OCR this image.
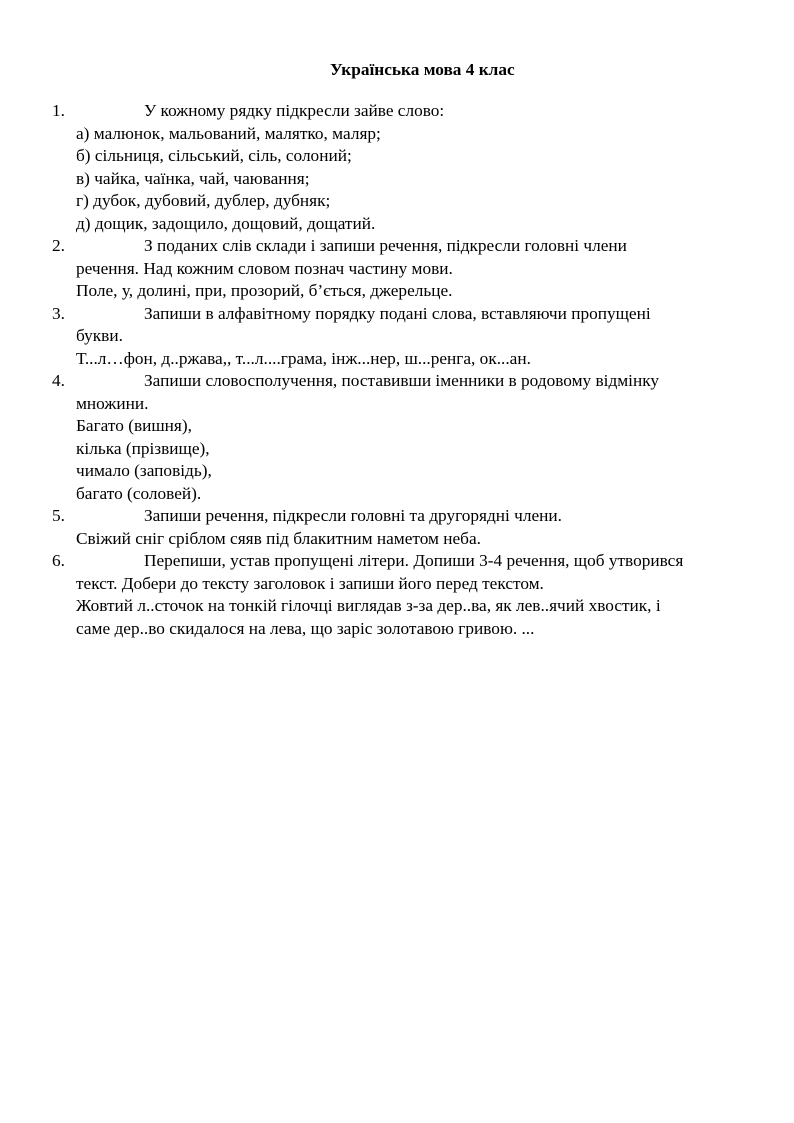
Українська мова 4 клас
1.	У кожному рядку підкресли зайве слово:
а) малюнок, мальований, малятко, маляр;
б) сільниця, сільський, сіль, солоний;
в) чайка, чаїнка, чай, чаювання;
г) дубок, дубовий, дублер, дубняк;
д) дощик, задощило, дощовий, дощатий.
2.	З поданих слів склади і запиши речення, підкресли головні члени
речення. Над кожним словом познач частину мови.
Поле, у, долині, при, прозорий, б’ється, джерельце.
3.	Запиши в алфавітному порядку подані слова, вставляючи пропущені
букви.
Т...л…фон, д..ржава,, т...л....грама, інж...нер, ш...ренга, ок...ан.
4.	Запиши словосполучення, поставивши іменники в родовому відмінку
множини.
Багато (вишня),
кілька (прізвище),
чимало (заповідь),
багато (соловей).
5.	Запиши речення, підкресли головні та другорядні члени.
Свіжий сніг сріблом сяяв під блакитним наметом неба.
6.	Перепиши, устав пропущені літери. Допиши 3-4 речення, щоб утворився
текст. Добери до тексту заголовок і запиши його перед текстом.
Жовтий л..сточок на тонкій гілочці виглядав з-за дер..ва, як лев..ячий хвостик, і
саме дер..во скидалося на лева, що заріс золотавою гривою. ...
